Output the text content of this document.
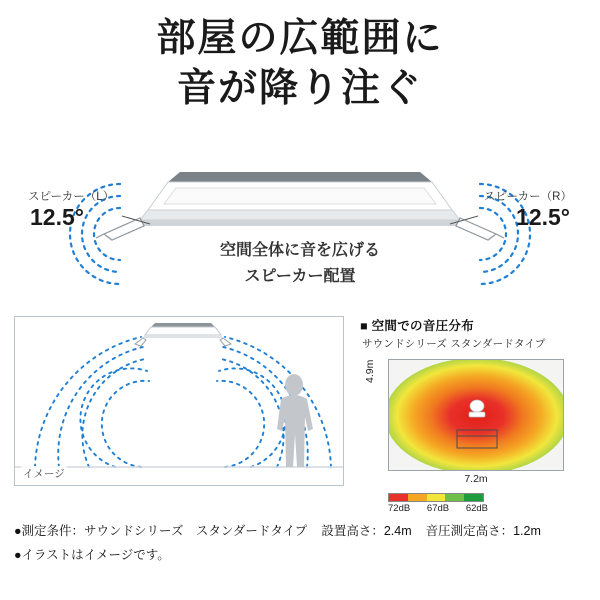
部屋の広範囲に
音が降り注ぐ
スピーカー（L）
12.5°
スピーカー（R）
12.5°
空間全体に音を広げる
スピーカー配置
イメージ
■ 空間での音圧分布
サウンドシリーズ スタンダードタイプ
4.9m
7.2m
72dB 67dB 62dB
●測定条件：サウンドシリーズ　スタンダードタイプ 設置高さ：2.4m 音圧測定高さ：1.2m
●イラストはイメージです。
